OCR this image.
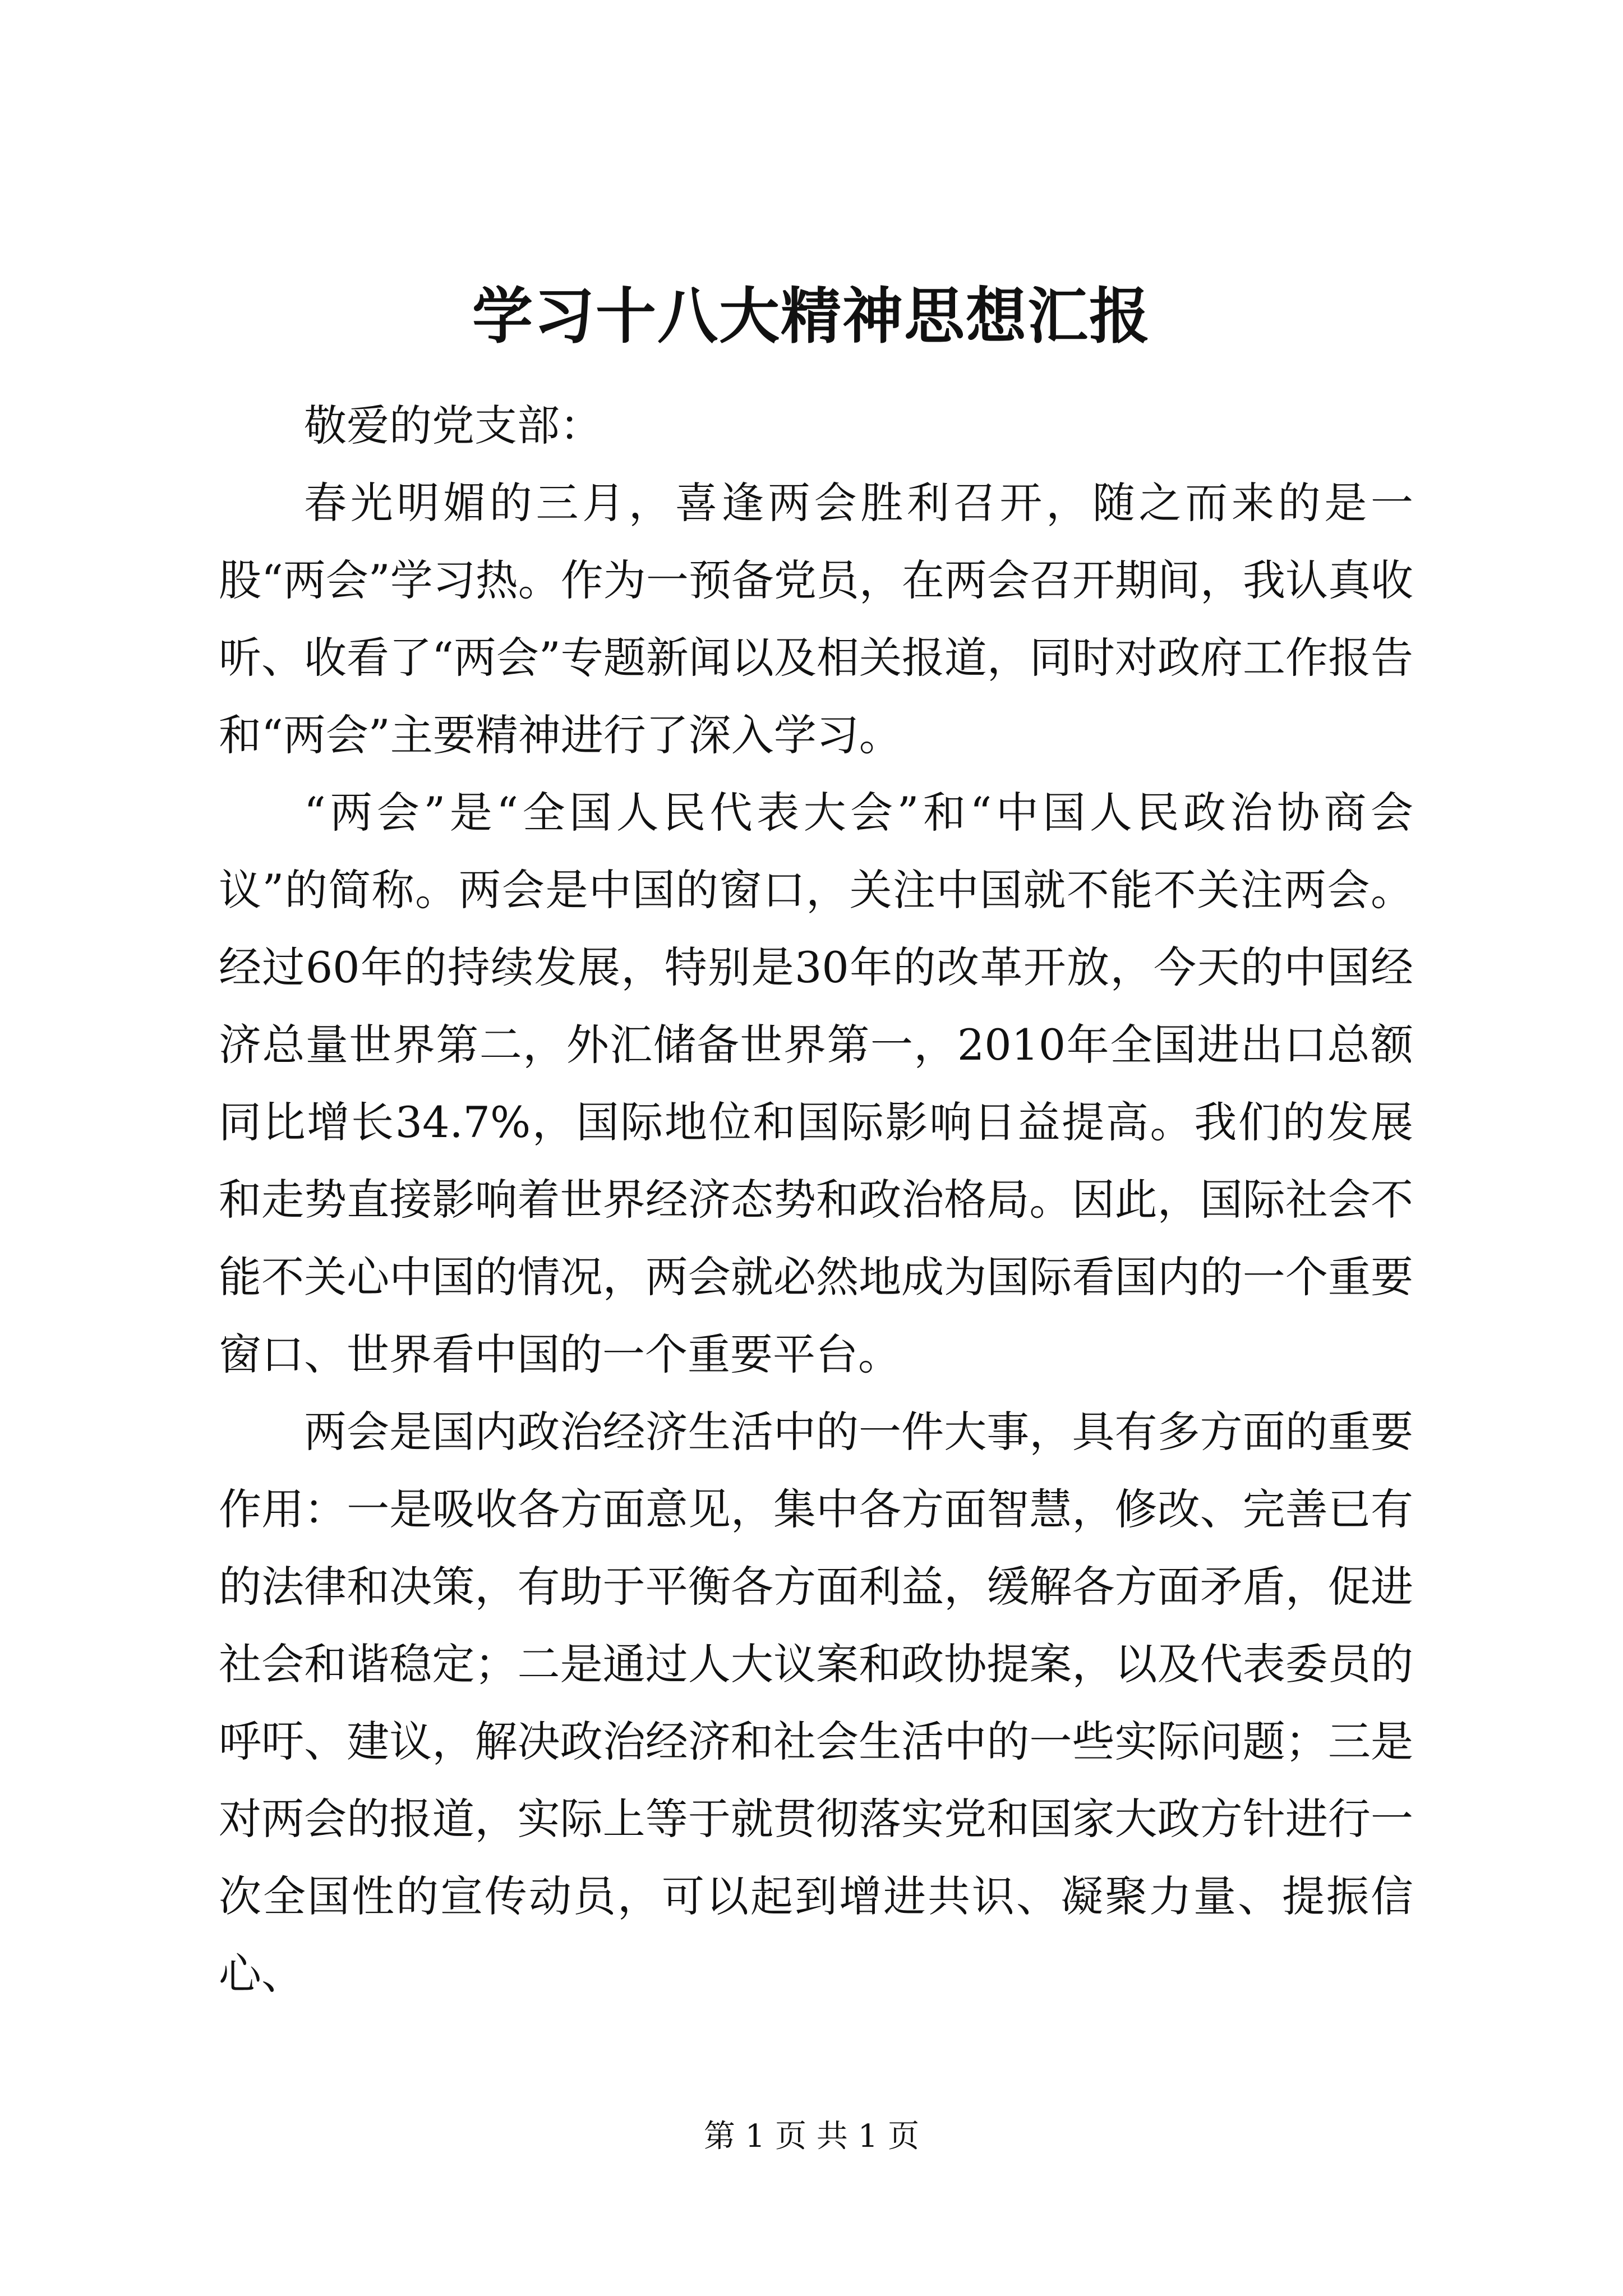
学习十八大精神思想汇报

敬爱的党支部：

春光明媚的三月，喜逢两会胜利召开，随之而来的是一股“两会”学习热。作为一预备党员，在两会召开期间，我认真收听、收看了“两会”专题新闻以及相关报道，同时对政府工作报告和“两会”主要精神进行了深入学习。

“两会”是“全国人民代表大会”和“中国人民政治协商会议”的简称。两会是中国的窗口，关注中国就不能不关注两会。经过60年的持续发展，特别是30年的改革开放，今天的中国经济总量世界第二，外汇储备世界第一，2010年全国进出口总额同比增长34.7%，国际地位和国际影响日益提高。我们的发展和走势直接影响着世界经济态势和政治格局。因此，国际社会不能不关心中国的情况，两会就必然地成为国际看国内的一个重要窗口、世界看中国的一个重要平台。

两会是国内政治经济生活中的一件大事，具有多方面的重要作用：一是吸收各方面意见，集中各方面智慧，修改、完善已有的法律和决策，有助于平衡各方面利益，缓解各方面矛盾，促进社会和谐稳定；二是通过人大议案和政协提案，以及代表委员的呼吁、建议，解决政治经济和社会生活中的一些实际问题；三是对两会的报道，实际上等于就贯彻落实党和国家大政方针进行一次全国性的宣传动员，可以起到增进共识、凝聚力量、提振信心、

第 1 页 共 1 页
